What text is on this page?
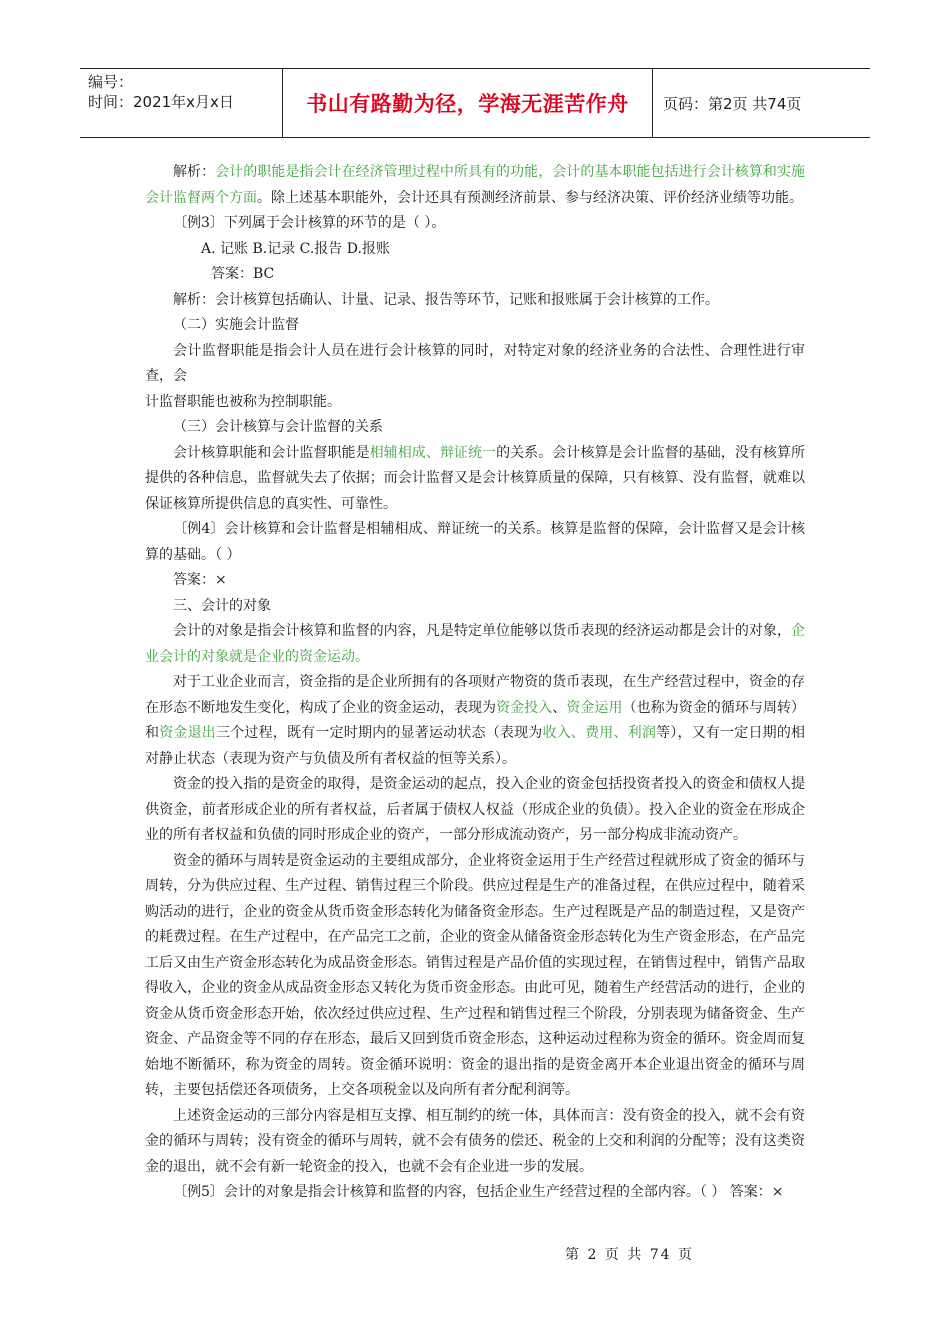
编号：
时间：2021年x月x日	书山有路勤为径，学海无涯苦作舟	页码：第2页 共74页

解析：会计的职能是指会计在经济管理过程中所具有的功能，会计的基本职能包括进行会计核算和实施会计监督两个方面。除上述基本职能外，会计还具有预测经济前景、参与经济决策、评价经济业绩等功能。

〔例3〕下列属于会计核算的环节的是（ ）。

A. 记账 B.记录 C.报告 D.报账

答案：BC

解析：会计核算包括确认、计量、记录、报告等环节，记账和报账属于会计核算的工作。

（二）实施会计监督

会计监督职能是指会计人员在进行会计核算的同时，对特定对象的经济业务的合法性、合理性进行审查，会

计监督职能也被称为控制职能。

（三）会计核算与会计监督的关系

会计核算职能和会计监督职能是相辅相成、辩证统一的关系。会计核算是会计监督的基础，没有核算所提供的各种信息，监督就失去了依据；而会计监督又是会计核算质量的保障，只有核算、没有监督，就难以保证核算所提供信息的真实性、可靠性。

〔例4〕会计核算和会计监督是相辅相成、辩证统一的关系。核算是监督的保障，会计监督又是会计核算的基础。（ ）

答案：×

三、会计的对象

会计的对象是指会计核算和监督的内容，凡是特定单位能够以货币表现的经济运动都是会计的对象，企业会计的对象就是企业的资金运动。

对于工业企业而言，资金指的是企业所拥有的各项财产物资的货币表现，在生产经营过程中，资金的存在形态不断地发生变化，构成了企业的资金运动，表现为资金投入、资金运用（也称为资金的循环与周转）和资金退出三个过程，既有一定时期内的显著运动状态（表现为收入、费用、利润等），又有一定日期的相对静止状态（表现为资产与负债及所有者权益的恒等关系）。

资金的投入指的是资金的取得，是资金运动的起点，投入企业的资金包括投资者投入的资金和债权人提供资金，前者形成企业的所有者权益，后者属于债权人权益（形成企业的负债）。投入企业的资金在形成企业的所有者权益和负债的同时形成企业的资产，一部分形成流动资产，另一部分构成非流动资产。

资金的循环与周转是资金运动的主要组成部分，企业将资金运用于生产经营过程就形成了资金的循环与周转，分为供应过程、生产过程、销售过程三个阶段。供应过程是生产的准备过程，在供应过程中，随着采购活动的进行，企业的资金从货币资金形态转化为储备资金形态。生产过程既是产品的制造过程，又是资产的耗费过程。在生产过程中，在产品完工之前，企业的资金从储备资金形态转化为生产资金形态，在产品完工后又由生产资金形态转化为成品资金形态。销售过程是产品价值的实现过程，在销售过程中，销售产品取得收入，企业的资金从成品资金形态又转化为货币资金形态。由此可见，随着生产经营活动的进行，企业的资金从货币资金形态开始，依次经过供应过程、生产过程和销售过程三个阶段，分别表现为储备资金、生产资金、产品资金等不同的存在形态，最后又回到货币资金形态，这种运动过程称为资金的循环。资金周而复始地不断循环，称为资金的周转。资金循环说明：资金的退出指的是资金离开本企业退出资金的循环与周转，主要包括偿还各项债务，上交各项税金以及向所有者分配利润等。

上述资金运动的三部分内容是相互支撑、相互制约的统一体，具体而言：没有资金的投入，就不会有资金的循环与周转；没有资金的循环与周转，就不会有债务的偿还、税金的上交和利润的分配等；没有这类资金的退出，就不会有新一轮资金的投入，也就不会有企业进一步的发展。

〔例5〕会计的对象是指会计核算和监督的内容，包括企业生产经营过程的全部内容。（ ） 答案：×

第 2 页 共 74 页
